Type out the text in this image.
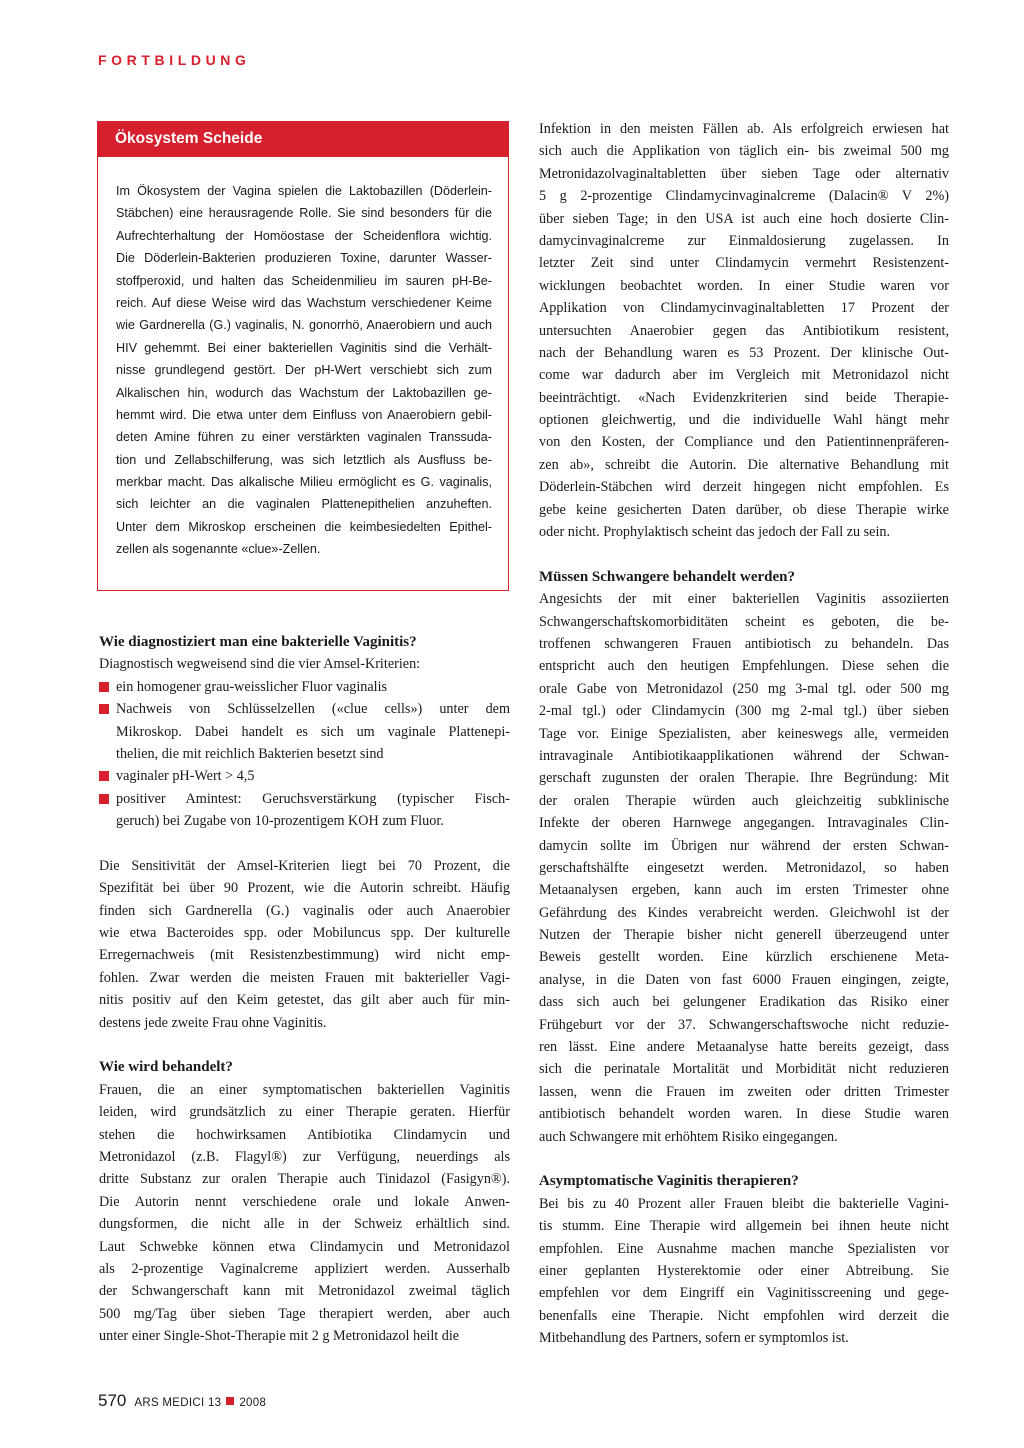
FORTBILDUNG
Ökosystem Scheide
Im Ökosystem der Vagina spielen die Laktobazillen (Döderlein-
Stäbchen) eine herausragende Rolle. Sie sind besonders für die
Aufrechterhaltung der Homöostase der Scheidenflora wichtig.
Die Döderlein-Bakterien produzieren Toxine, darunter Wasser-
stoffperoxid, und halten das Scheidenmilieu im sauren pH-Be-
reich. Auf diese Weise wird das Wachstum verschiedener Keime
wie Gardnerella (G.) vaginalis, N. gonorrhö, Anaerobiern und auch
HIV gehemmt. Bei einer bakteriellen Vaginitis sind die Verhält-
nisse grundlegend gestört. Der pH-Wert verschiebt sich zum
Alkalischen hin, wodurch das Wachstum der Laktobazillen ge-
hemmt wird. Die etwa unter dem Einfluss von Anaerobiern gebil-
deten Amine führen zu einer verstärkten vaginalen Transsuda-
tion und Zellabschilferung, was sich letztlich als Ausfluss be-
merkbar macht. Das alkalische Milieu ermöglicht es G. vaginalis,
sich leichter an die vaginalen Plattenepithelien anzuheften.
Unter dem Mikroskop erscheinen die keimbesiedelten Epithel-
zellen als sogenannte «clue»-Zellen.
Wie diagnostiziert man eine bakterielle Vaginitis?
Diagnostisch wegweisend sind die vier Amsel-Kriterien:
ein homogener grau-weisslicher Fluor vaginalis
Nachweis von Schlüsselzellen («clue cells») unter dem
Mikroskop. Dabei handelt es sich um vaginale Plattenepi-
thelien, die mit reichlich Bakterien besetzt sind
vaginaler pH-Wert > 4,5
positiver Amintest: Geruchsverstärkung (typischer Fisch-
geruch) bei Zugabe von 10-prozentigem KOH zum Fluor.
Die Sensitivität der Amsel-Kriterien liegt bei 70 Prozent, die
Spezifität bei über 90 Prozent, wie die Autorin schreibt. Häufig
finden sich Gardnerella (G.) vaginalis oder auch Anaerobier
wie etwa Bacteroides spp. oder Mobiluncus spp. Der kulturelle
Erregernachweis (mit Resistenzbestimmung) wird nicht emp-
fohlen. Zwar werden die meisten Frauen mit bakterieller Vagi-
nitis positiv auf den Keim getestet, das gilt aber auch für min-
destens jede zweite Frau ohne Vaginitis.
Wie wird behandelt?
Frauen, die an einer symptomatischen bakteriellen Vaginitis
leiden, wird grundsätzlich zu einer Therapie geraten. Hierfür
stehen die hochwirksamen Antibiotika Clindamycin und
Metronidazol (z.B. Flagyl®) zur Verfügung, neuerdings als
dritte Substanz zur oralen Therapie auch Tinidazol (Fasigyn®).
Die Autorin nennt verschiedene orale und lokale Anwen-
dungsformen, die nicht alle in der Schweiz erhältlich sind.
Laut Schwebke können etwa Clindamycin und Metronidazol
als 2-prozentige Vaginalcreme appliziert werden. Ausserhalb
der Schwangerschaft kann mit Metronidazol zweimal täglich
500 mg/Tag über sieben Tage therapiert werden, aber auch
unter einer Single-Shot-Therapie mit 2 g Metronidazol heilt die
Infektion in den meisten Fällen ab. Als erfolgreich erwiesen hat
sich auch die Applikation von täglich ein- bis zweimal 500 mg
Metronidazolvaginaltabletten über sieben Tage oder alternativ
5 g 2-prozentige Clindamycinvaginalcreme (Dalacin® V 2%)
über sieben Tage; in den USA ist auch eine hoch dosierte Clin-
damycinvaginalcreme zur Einmaldosierung zugelassen. In
letzter Zeit sind unter Clindamycin vermehrt Resistenzent-
wicklungen beobachtet worden. In einer Studie waren vor
Applikation von Clindamycinvaginaltabletten 17 Prozent der
untersuchten Anaerobier gegen das Antibiotikum resistent,
nach der Behandlung waren es 53 Prozent. Der klinische Out-
come war dadurch aber im Vergleich mit Metronidazol nicht
beeinträchtigt. «Nach Evidenzkriterien sind beide Therapie-
optionen gleichwertig, und die individuelle Wahl hängt mehr
von den Kosten, der Compliance und den Patientinnenpräferen-
zen ab», schreibt die Autorin. Die alternative Behandlung mit
Döderlein-Stäbchen wird derzeit hingegen nicht empfohlen. Es
gebe keine gesicherten Daten darüber, ob diese Therapie wirke
oder nicht. Prophylaktisch scheint das jedoch der Fall zu sein.
Müssen Schwangere behandelt werden?
Angesichts der mit einer bakteriellen Vaginitis assoziierten
Schwangerschaftskomorbiditäten scheint es geboten, die be-
troffenen schwangeren Frauen antibiotisch zu behandeln. Das
entspricht auch den heutigen Empfehlungen. Diese sehen die
orale Gabe von Metronidazol (250 mg 3-mal tgl. oder 500 mg
2-mal tgl.) oder Clindamycin (300 mg 2-mal tgl.) über sieben
Tage vor. Einige Spezialisten, aber keineswegs alle, vermeiden
intravaginale Antibiotikaapplikationen während der Schwan-
gerschaft zugunsten der oralen Therapie. Ihre Begründung: Mit
der oralen Therapie würden auch gleichzeitig subklinische
Infekte der oberen Harnwege angegangen. Intravaginales Clin-
damycin sollte im Übrigen nur während der ersten Schwan-
gerschaftshälfte eingesetzt werden. Metronidazol, so haben
Metaanalysen ergeben, kann auch im ersten Trimester ohne
Gefährdung des Kindes verabreicht werden. Gleichwohl ist der
Nutzen der Therapie bisher nicht generell überzeugend unter
Beweis gestellt worden. Eine kürzlich erschienene Meta-
analyse, in die Daten von fast 6000 Frauen eingingen, zeigte,
dass sich auch bei gelungener Eradikation das Risiko einer
Frühgeburt vor der 37. Schwangerschaftswoche nicht reduzie-
ren lässt. Eine andere Metaanalyse hatte bereits gezeigt, dass
sich die perinatale Mortalität und Morbidität nicht reduzieren
lassen, wenn die Frauen im zweiten oder dritten Trimester
antibiotisch behandelt worden waren. In diese Studie waren
auch Schwangere mit erhöhtem Risiko eingegangen.
Asymptomatische Vaginitis therapieren?
Bei bis zu 40 Prozent aller Frauen bleibt die bakterielle Vagini-
tis stumm. Eine Therapie wird allgemein bei ihnen heute nicht
empfohlen. Eine Ausnahme machen manche Spezialisten vor
einer geplanten Hysterektomie oder einer Abtreibung. Sie
empfehlen vor dem Eingriff ein Vaginitisscreening und gege-
benenfalls eine Therapie. Nicht empfohlen wird derzeit die
Mitbehandlung des Partners, sofern er symptomlos ist.
570 ARS MEDICI 13 2008
